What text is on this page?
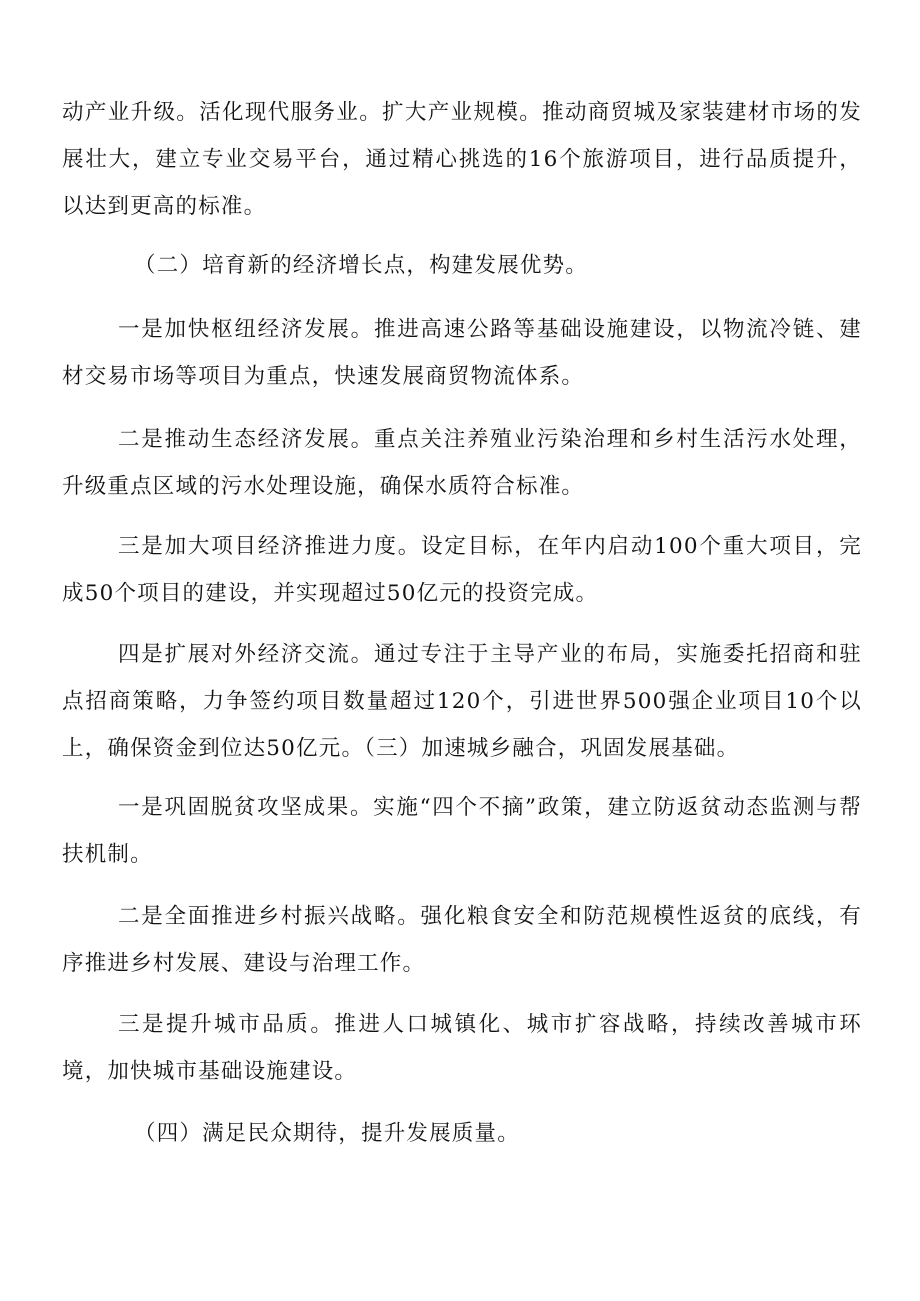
动产业升级。活化现代服务业。扩大产业规模。推动商贸城及家装建材市场的发展壮大，建立专业交易平台，通过精心挑选的16个旅游项目，进行品质提升，以达到更高的标准。

（二）培育新的经济增长点，构建发展优势。

一是加快枢纽经济发展。推进高速公路等基础设施建设，以物流冷链、建材交易市场等项目为重点，快速发展商贸物流体系。

二是推动生态经济发展。重点关注养殖业污染治理和乡村生活污水处理，升级重点区域的污水处理设施，确保水质符合标准。

三是加大项目经济推进力度。设定目标，在年内启动100个重大项目，完成50个项目的建设，并实现超过50亿元的投资完成。

四是扩展对外经济交流。通过专注于主导产业的布局，实施委托招商和驻点招商策略，力争签约项目数量超过120个，引进世界500强企业项目10个以上，确保资金到位达50亿元。（三）加速城乡融合，巩固发展基础。

一是巩固脱贫攻坚成果。实施“四个不摘”政策，建立防返贫动态监测与帮扶机制。

二是全面推进乡村振兴战略。强化粮食安全和防范规模性返贫的底线，有序推进乡村发展、建设与治理工作。

三是提升城市品质。推进人口城镇化、城市扩容战略，持续改善城市环境，加快城市基础设施建设。

（四）满足民众期待，提升发展质量。
